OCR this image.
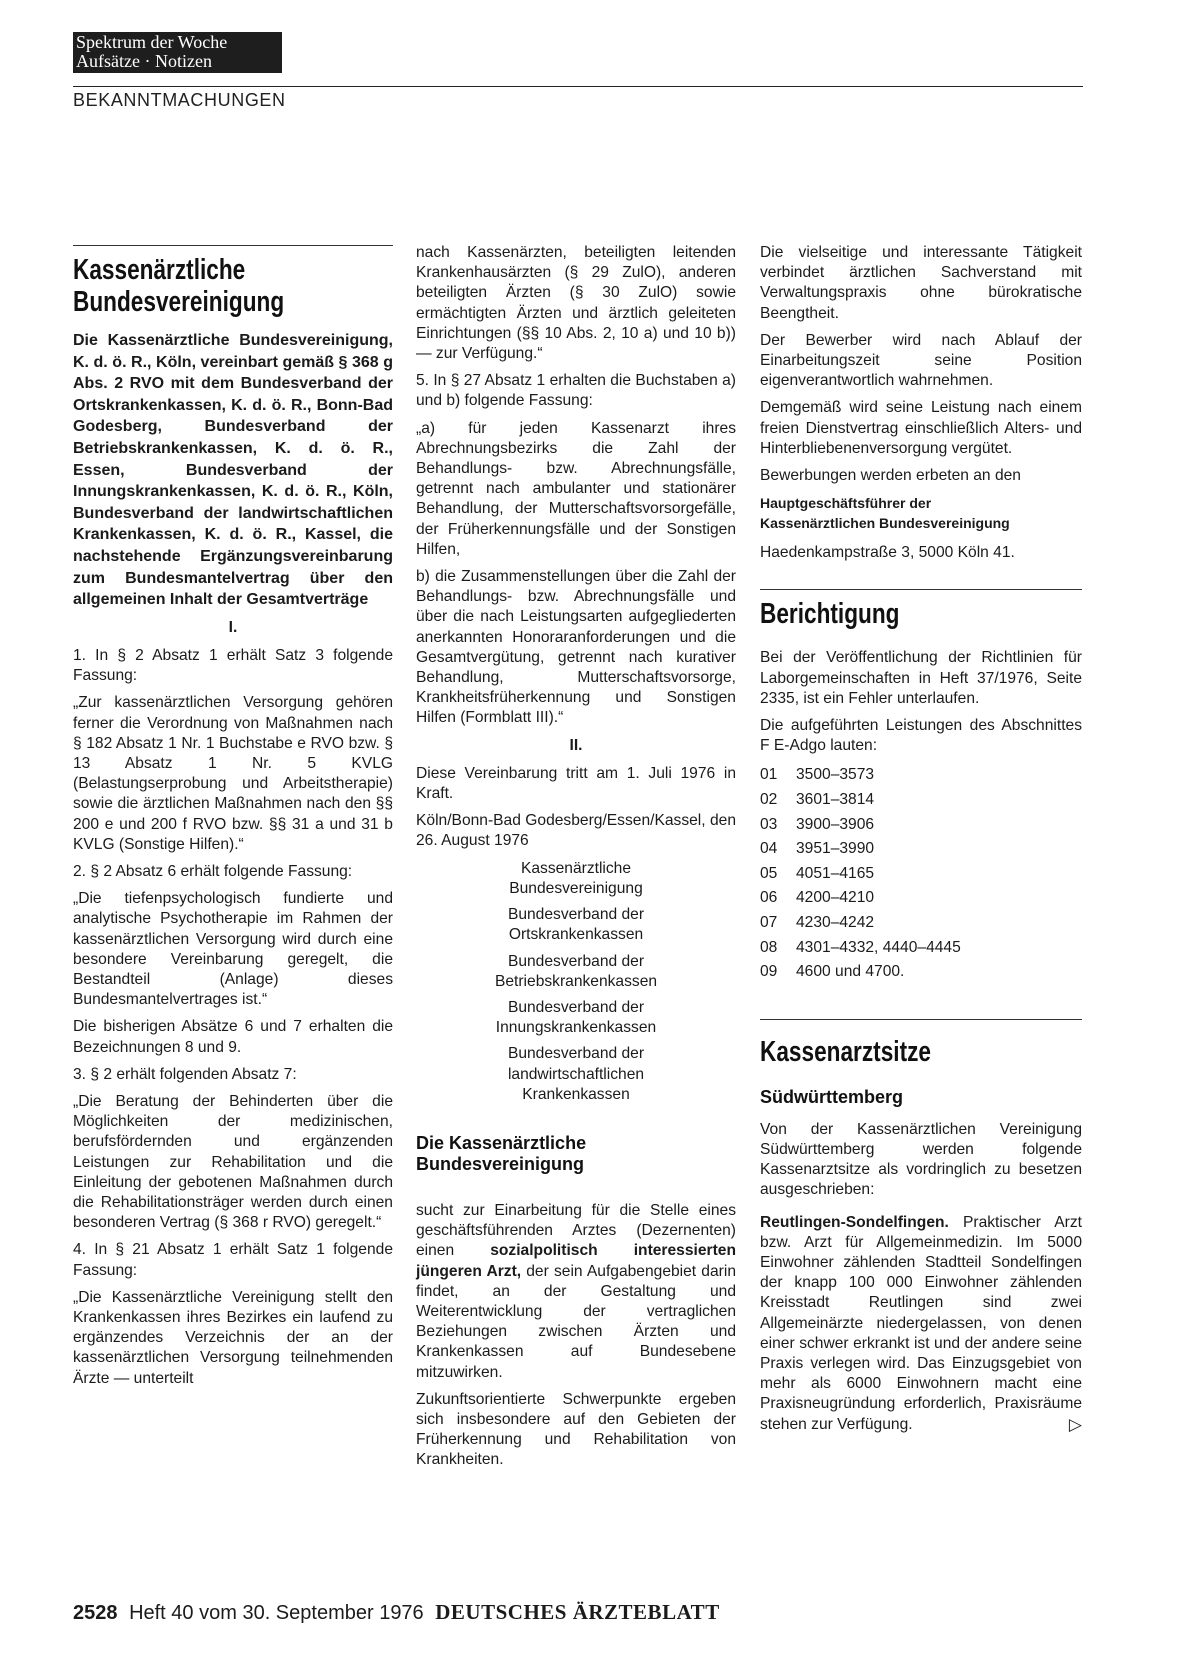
Spektrum der Woche
Aufsätze · Notizen
BEKANNTMACHUNGEN
Kassenärztliche Bundesvereinigung

Die Kassenärztliche Bundesvereinigung, K. d. ö. R., Köln, vereinbart gemäß § 368 g Abs. 2 RVO mit dem Bundesverband der Ortskrankenkassen, K. d. ö. R., Bonn-Bad Godesberg, Bundesverband der Betriebskrankenkassen, K. d. ö. R., Essen, Bundesverband der Innungskrankenkassen, K. d. ö. R., Köln, Bundesverband der landwirtschaftlichen Krankenkassen, K. d. ö. R., Kassel, die nachstehende Ergänzungsvereinbarung zum Bundesmantelvertrag über den allgemeinen Inhalt der Gesamtverträge

I.

1. In § 2 Absatz 1 erhält Satz 3 folgende Fassung:

„Zur kassenärztlichen Versorgung gehören ferner die Verordnung von Maßnahmen nach § 182 Absatz 1 Nr. 1 Buchstabe e RVO bzw. § 13 Absatz 1 Nr. 5 KVLG (Belastungserprobung und Arbeitstherapie) sowie die ärztlichen Maßnahmen nach den §§ 200 e und 200 f RVO bzw. §§ 31 a und 31 b KVLG (Sonstige Hilfen).“

2. § 2 Absatz 6 erhält folgende Fassung:

„Die tiefenpsychologisch fundierte und analytische Psychotherapie im Rahmen der kassenärztlichen Versorgung wird durch eine besondere Vereinbarung geregelt, die Bestandteil (Anlage) dieses Bundesmantelvertrages ist.“

Die bisherigen Absätze 6 und 7 erhalten die Bezeichnungen 8 und 9.

3. § 2 erhält folgenden Absatz 7:

„Die Beratung der Behinderten über die Möglichkeiten der medizinischen, berufsfördernden und ergänzenden Leistungen zur Rehabilitation und die Einleitung der gebotenen Maßnahmen durch die Rehabilitationsträger werden durch einen besonderen Vertrag (§ 368 r RVO) geregelt.“

4. In § 21 Absatz 1 erhält Satz 1 folgende Fassung:

„Die Kassenärztliche Vereinigung stellt den Krankenkassen ihres Bezirkes ein laufend zu ergänzendes Verzeichnis der an der kassenärztlichen Versorgung teilnehmenden Ärzte — unterteilt

nach Kassenärzten, beteiligten leitenden Krankenhausärzten (§ 29 ZulO), anderen beteiligten Ärzten (§ 30 ZulO) sowie ermächtigten Ärzten und ärztlich geleiteten Einrichtungen (§§ 10 Abs. 2, 10 a) und 10 b)) — zur Verfügung.“

5. In § 27 Absatz 1 erhalten die Buchstaben a) und b) folgende Fassung:

„a) für jeden Kassenarzt ihres Abrechnungsbezirks die Zahl der Behandlungs- bzw. Abrechnungsfälle, getrennt nach ambulanter und stationärer Behandlung, der Mutterschaftsvorsorgefälle, der Früherkennungsfälle und der Sonstigen Hilfen,

b) die Zusammenstellungen über die Zahl der Behandlungs- bzw. Abrechnungsfälle und über die nach Leistungsarten aufgegliederten anerkannten Honoraranforderungen und die Gesamtvergütung, getrennt nach kurativer Behandlung, Mutterschaftsvorsorge, Krankheitsfrüherkennung und Sonstigen Hilfen (Formblatt III).“

II.

Diese Vereinbarung tritt am 1. Juli 1976 in Kraft.

Köln/Bonn-Bad Godesberg/Essen/Kassel, den 26. August 1976

Kassenärztliche Bundesvereinigung
Bundesverband der Ortskrankenkassen
Bundesverband der Betriebskrankenkassen
Bundesverband der Innungskrankenkassen
Bundesverband der landwirtschaftlichen Krankenkassen
Die Kassenärztliche Bundesvereinigung

sucht zur Einarbeitung für die Stelle eines geschäftsführenden Arztes (Dezernenten) einen sozialpolitisch interessierten jüngeren Arzt, der sein Aufgabengebiet darin findet, an der Gestaltung und Weiterentwicklung der vertraglichen Beziehungen zwischen Ärzten und Krankenkassen auf Bundesebene mitzuwirken.

Zukunftsorientierte Schwerpunkte ergeben sich insbesondere auf den Gebieten der Früherkennung und Rehabilitation von Krankheiten.

Die vielseitige und interessante Tätigkeit verbindet ärztlichen Sachverstand mit Verwaltungspraxis ohne bürokratische Beengtheit.

Der Bewerber wird nach Ablauf der Einarbeitungszeit seine Position eigenverantwortlich wahrnehmen.

Demgemäß wird seine Leistung nach einem freien Dienstvertrag einschließlich Alters- und Hinterbliebenenversorgung vergütet.

Bewerbungen werden erbeten an den

Hauptgeschäftsführer der
Kassenärztlichen Bundesvereinigung

Haedenkampstraße 3, 5000 Köln 41.

Berichtigung

Bei der Veröffentlichung der Richtlinien für Laborgemeinschaften in Heft 37/1976, Seite 2335, ist ein Fehler unterlaufen.

Die aufgeführten Leistungen des Abschnittes F E-Adgo lauten:

01	3500–3573
02	3601–3814
03	3900–3906
04	3951–3990
05	4051–4165
06	4200–4210
07	4230–4242
08	4301–4332, 4440–4445
09	4600 und 4700.
Kassenarztsitze
Südwürttemberg

Von der Kassenärztlichen Vereinigung Südwürttemberg werden folgende Kassenarztsitze als vordringlich zu besetzen ausgeschrieben:

Reutlingen-Sondelfingen. Praktischer Arzt bzw. Arzt für Allgemeinmedizin. Im 5000 Einwohner zählenden Stadtteil Sondelfingen der knapp 100 000 Einwohner zählenden Kreisstadt Reutlingen sind zwei Allgemeinärzte niedergelassen, von denen einer schwer erkrankt ist und der andere seine Praxis verlegen wird. Das Einzugsgebiet von mehr als 6000 Einwohnern macht eine Praxisneugründung erforderlich, Praxisräume stehen zur Verfügung.	▷

2528 Heft 40 vom 30. September 1976 DEUTSCHES ÄRZTEBLATT
